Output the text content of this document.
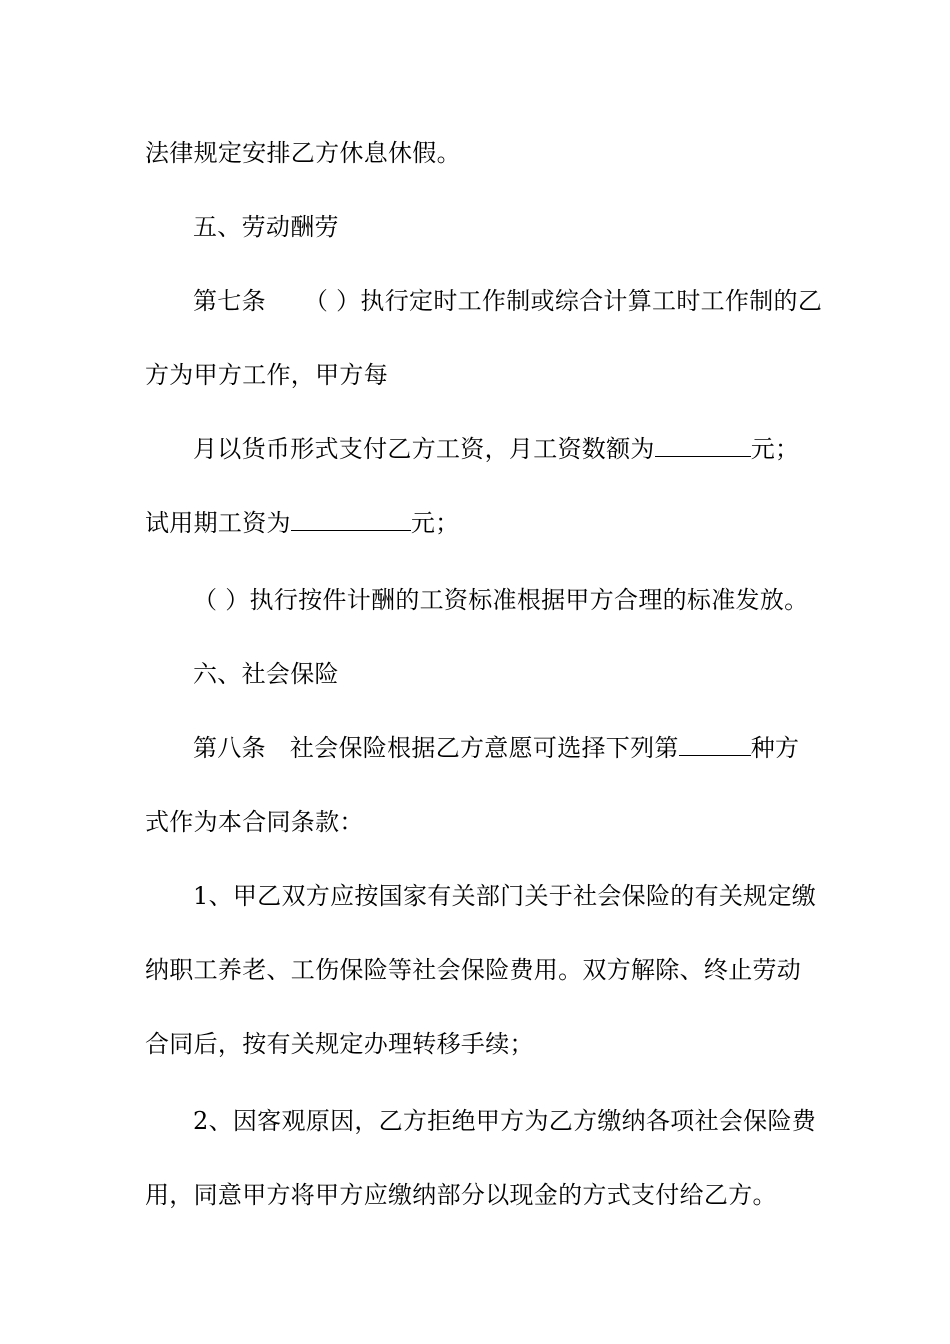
法律规定安排乙方休息休假。
五、劳动酬劳
第七条 （ ）执行定时工作制或综合计算工时工作制的乙
方为甲方工作，甲方每
月以货币形式支付乙方工资，月工资数额为	元；
试用期工资为	元；
（ ）执行按件计酬的工资标准根据甲方合理的标准发放。
六、社会保险
第八条 社会保险根据乙方意愿可选择下列第	种方
式作为本合同条款：
1、甲乙双方应按国家有关部门关于社会保险的有关规定缴
纳职工养老、工伤保险等社会保险费用。双方解除、终止劳动
合同后，按有关规定办理转移手续；
2、因客观原因，乙方拒绝甲方为乙方缴纳各项社会保险费
用，同意甲方将甲方应缴纳部分以现金的方式支付给乙方。
